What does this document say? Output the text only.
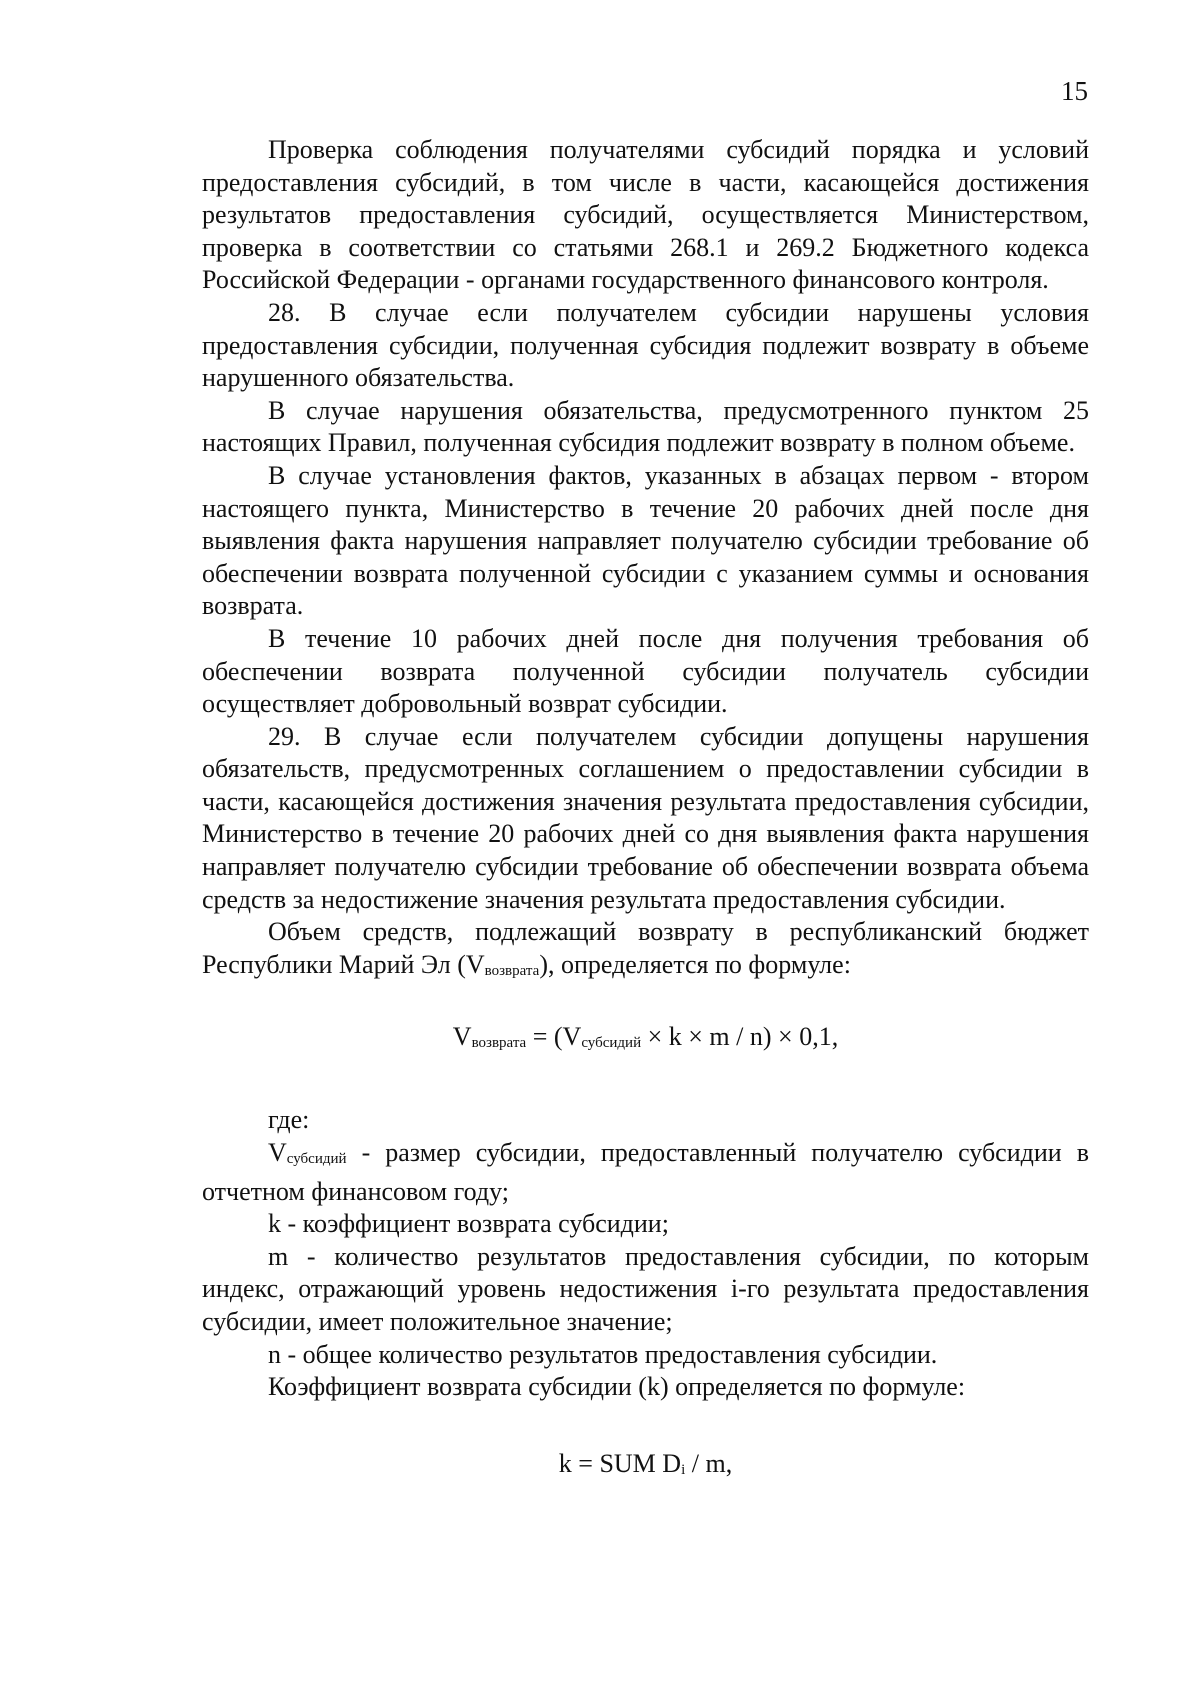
15

Проверка соблюдения получателями субсидий порядка и условий предоставления субсидий, в том числе в части, касающейся достижения результатов предоставления субсидий, осуществляется Министерством, проверка в соответствии со статьями 268.1 и 269.2 Бюджетного кодекса Российской Федерации - органами государственного финансового контроля.

28. В случае если получателем субсидии нарушены условия предоставления субсидии, полученная субсидия подлежит возврату в объеме нарушенного обязательства.

В случае нарушения обязательства, предусмотренного пунктом 25 настоящих Правил, полученная субсидия подлежит возврату в полном объеме.

В случае установления фактов, указанных в абзацах первом - втором настоящего пункта, Министерство в течение 20 рабочих дней после дня выявления факта нарушения направляет получателю субсидии требование об обеспечении возврата полученной субсидии с указанием суммы и основания возврата.

В течение 10 рабочих дней после дня получения требования об обеспечении возврата полученной субсидии получатель субсидии осуществляет добровольный возврат субсидии.

29. В случае если получателем субсидии допущены нарушения обязательств, предусмотренных соглашением о предоставлении субсидии в части, касающейся достижения значения результата предоставления субсидии, Министерство в течение 20 рабочих дней со дня выявления факта нарушения направляет получателю субсидии требование об обеспечении возврата объема средств за недостижение значения результата предоставления субсидии.

Объем средств, подлежащий возврату в республиканский бюджет Республики Марий Эл (Vвозврата), определяется по формуле:

Vвозврата = (Vсубсидий × k × m / n) × 0,1,

где:

Vсубсидий - размер субсидии, предоставленный получателю субсидии в отчетном финансовом году;

k - коэффициент возврата субсидии;

m - количество результатов предоставления субсидии, по которым индекс, отражающий уровень недостижения i-го результата предоставления субсидии, имеет положительное значение;

n - общее количество результатов предоставления субсидии.

Коэффициент возврата субсидии (k) определяется по формуле:

k = SUM Di / m,
